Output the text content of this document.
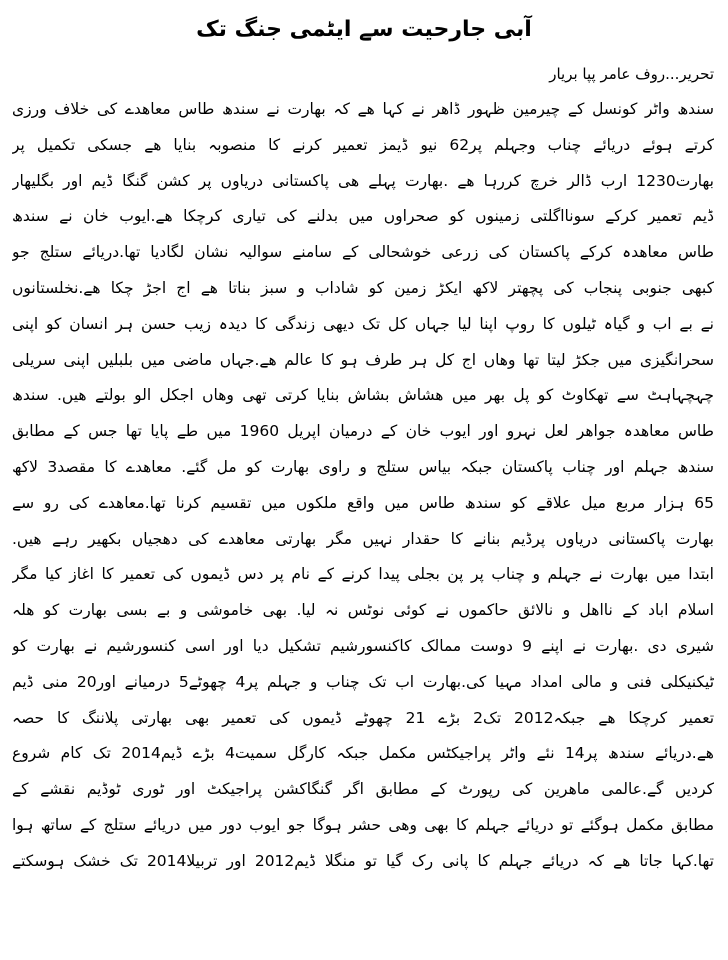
آبی جارحیت سے ایٹمی جنگ تک
تحریر...روف عامر پپا بریار
سندھ واٹر کونسل کے چیرمین ظہور ڈاھر نے کہا ھے کہ بھارت نے سندھ طاس معاھدے کی خلاف ورزی
کرتے ہوئے دریائے چناب وجہلم پر62 نیو ڈیمز تعمیر کرنے کا منصوبہ بنایا ھے جسکی تکمیل پر
بھارت1230 ارب ڈالر خرچ کررہا ھے .بھارت پہلے ھی پاکستانی دریاوں پر کشن گنگا ڈیم اور بگلیھار
ڈیم تعمیر کرکے سونااگلتی زمینوں کو صحراوں میں بدلنے کی تیاری کرچکا ھے.ایوب خان نے سندھ
طاس معاھدہ کرکے پاکستان کی زرعی خوشحالی کے سامنے سوالیہ نشان لگادیا تھا.دریائے ستلج جو
کبھی جنوبی پنجاب کی پچھتر لاکھ ایکڑ زمین کو شاداب و سبز بناتا ھے اج اجڑ چکا ھے.نخلستانوں
نے بے اب و گیاہ ٹیلوں کا روپ اپنا لیا جہاں کل تک دیھی زندگی کا دیدہ زیب حسن ہر انسان کو اپنی
سحرانگیزی میں جکڑ لیتا تھا وھاں اج کل ہر طرف ہو کا عالم ھے.جہاں ماضی میں بلبلیں اپنی سریلی
چہچہاہٹ سے تھکاوٹ کو پل بھر میں ھشاش بشاش بنایا کرتی تھی وھاں اجکل الو بولتے ھیں. سندھ
طاس معاھدہ جواھر لعل نہرو اور ایوب خان کے درمیان اپریل 1960 میں طے پایا تھا جس کے مطابق
سندھ جہلم اور چناب پاکستان جبکہ بیاس ستلج و راوی بھارت کو مل گئے. معاھدے کا مقصد3 لاکھ
65 ہزار مربع میل علاقے کو سندھ طاس میں واقع ملکوں میں تقسیم کرنا تھا.معاھدے کی رو سے
بھارت پاکستانی دریاوں پرڈیم بنانے کا حقدار نہیں مگر بھارتی معاھدے کی دھجیاں بکھیر رہے ھیں.
ابتدا میں بھارت نے جہلم و چناب پر پن بجلی پیدا کرنے کے نام پر دس ڈیموں کی تعمیر کا اغاز کیا مگر
اسلام اباد کے نااھل و نالائق حاکموں نے کوئی نوٹس نہ لیا. بھی خاموشی و بے بسی بھارت کو ھلہ
شیری دی .بھارت نے اپنے 9 دوست ممالک کاکنسورشیم تشکیل دیا اور اسی کنسورشیم نے بھارت کو
ٹیکنیکلی فنی و مالی امداد مہیا کی.بھارت اب تک چناب و جہلم پر4 چھوٹے5 درمیانے اور20 منی ڈیم
تعمیر کرچکا ھے جبکہ2012 تک2 بڑے 21 چھوٹے ڈیموں کی تعمیر بھی بھارتی پلاننگ کا حصہ
ھے.دریائے سندھ پر14 نئے واٹر پراجیکٹس مکمل جبکہ کارگل سمیت4 بڑے ڈیم2014 تک کام شروع
کردیں گے.عالمی ماھرین کی رپورٹ کے مطابق اگر گنگاکشن پراجیکٹ اور ٹوری ٹوڈیم نقشے کے
مطابق مکمل ہوگئے تو دریائے جہلم کا بھی وھی حشر ہوگا جو ایوب دور میں دریائے ستلج کے ساتھ ہوا
تھا.کہا جاتا ھے کہ دریائے جہلم کا پانی رک گیا تو منگلا ڈیم2012 اور تربیلا2014 تک خشک ہوسکتے
